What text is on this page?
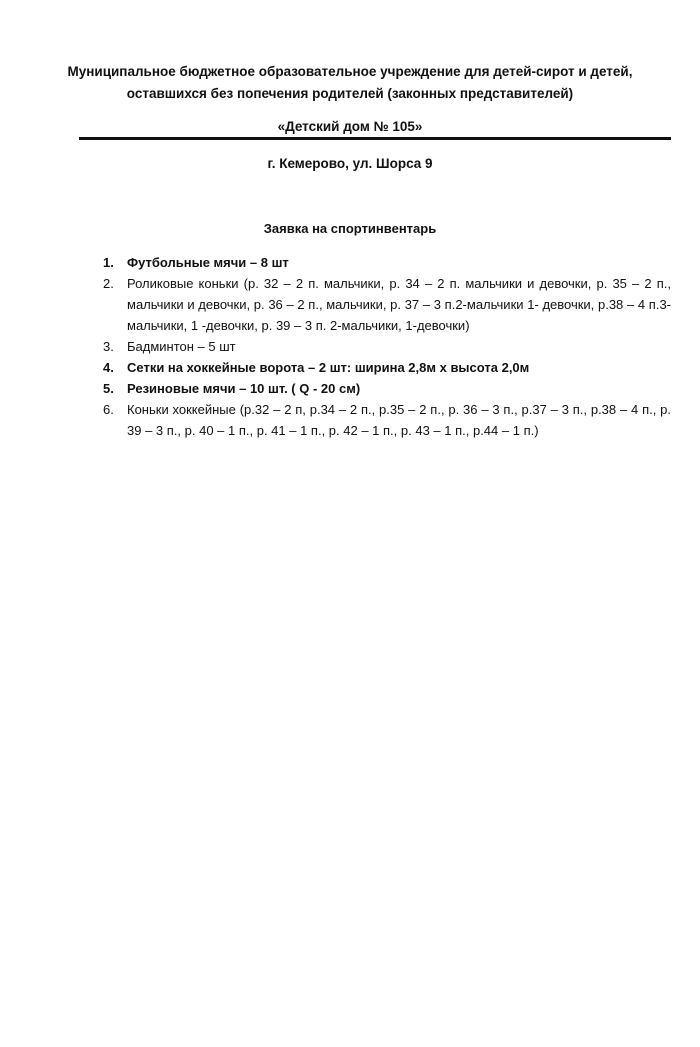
Муниципальное бюджетное образовательное учреждение для детей-сирот и детей,
оставшихся без попечения родителей (законных представителей)
«Детский дом № 105»
г. Кемерово, ул. Шорса 9
Заявка на спортинвентарь
1.	Футбольные мячи – 8 шт
2.	Роликовые коньки (р. 32 – 2 п. мальчики, р. 34 – 2 п. мальчики и девочки, р. 35 – 2 п., мальчики и девочки, р. 36 – 2 п., мальчики, р. 37 – 3 п.2-мальчики 1- девочки, р.38 – 4 п.3-мальчики, 1 -девочки, р. 39 – 3 п. 2-мальчики, 1-девочки)
3.	Бадминтон – 5 шт
4.	Сетки на хоккейные ворота – 2 шт: ширина 2,8м х высота 2,0м
5.	Резиновые мячи – 10 шт. ( Q - 20 см)
6.	Коньки хоккейные (р.32 – 2 п, р.34 – 2 п., р.35 – 2 п., р. 36 – 3 п., р.37 – 3 п., р.38 – 4 п., р. 39 – 3 п., р. 40 – 1 п., р. 41 – 1 п., р. 42 – 1 п., р. 43 – 1 п., р.44 – 1 п.)
